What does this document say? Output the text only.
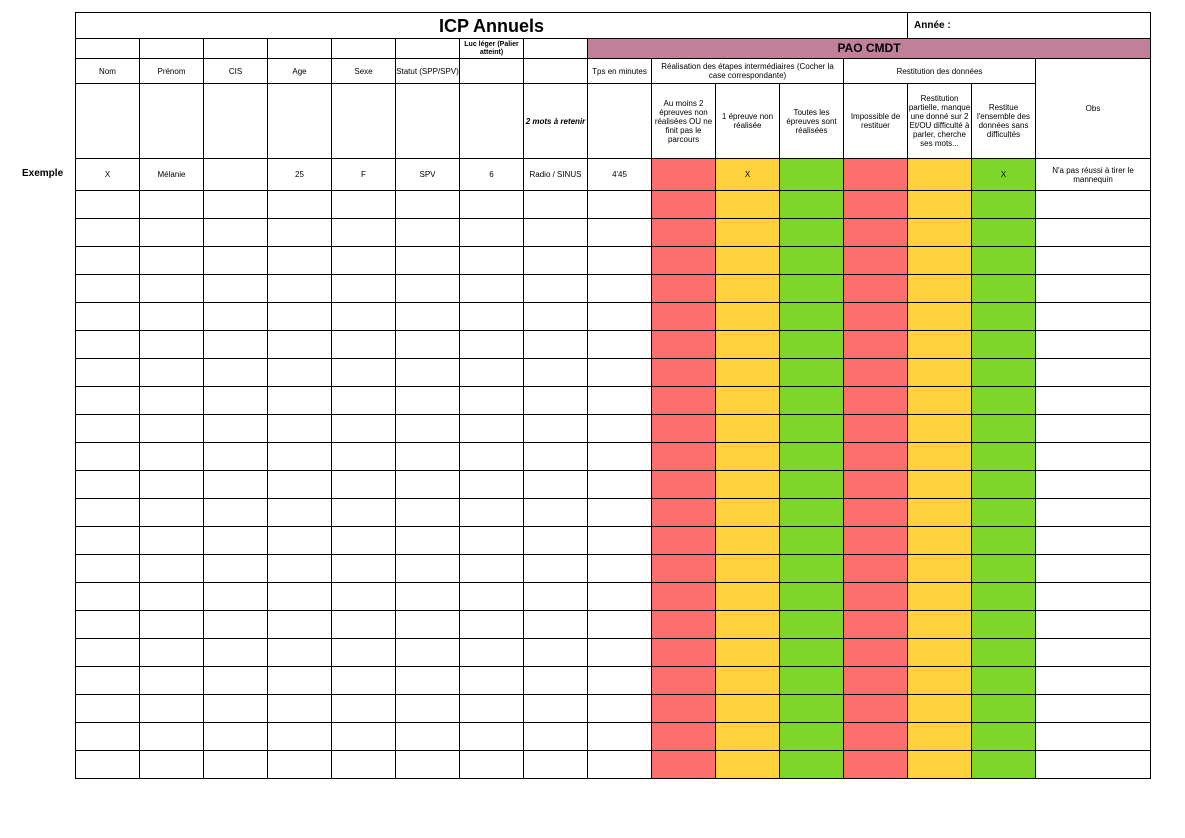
Exemple
ICP Annuels													Année :		
						Luc léger (Palier atteint)		PAO CMDT							
Nom	Prénom	CIS	Age	Sexe	Statut (SPP/SPV)			Tps en minutes	Réalisation des étapes intermédiaires (Cocher la case correspondante)			Restitution des données			Obs
							2 mots à retenir		Au moins 2 épreuves non réalisées OU ne finit pas le parcours	1 épreuve non réalisée	Toutes les épreuves sont réalisées	Impossible de restituer	Restitution partielle, manque une donné sur 2 Et/OU difficulté à parler, cherche ses mots...	Restitue l'ensemble des données sans difficultés	
X	Mélanie		25	F	SPV	6	Radio / SINUS	4'45		X				X	N'a pas réussi à tirer le mannequin
